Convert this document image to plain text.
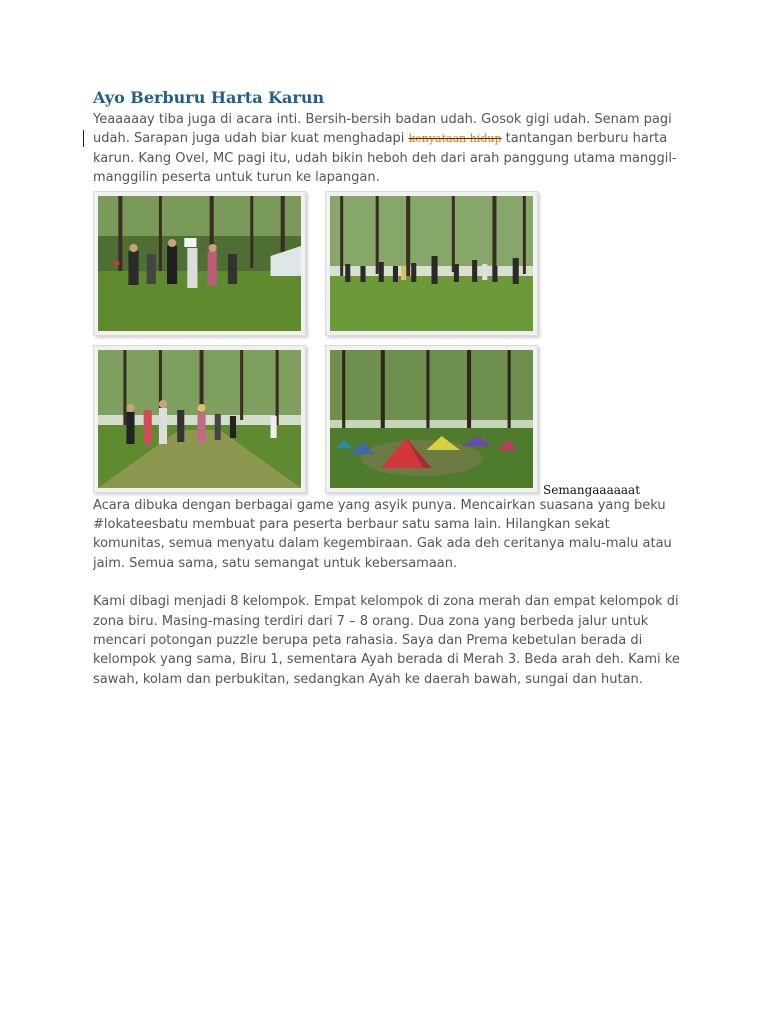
Ayo Berburu Harta Karun

Yeaaaaay tiba juga di acara inti. Bersih-bersih badan udah. Gosok gigi udah. Senam pagi udah. Sarapan juga udah biar kuat menghadapi kenyataan hidup tantangan berburu harta karun. Kang Ovel, MC pagi itu, udah bikin heboh deh dari arah panggung utama manggil-manggilin peserta untuk turun ke lapangan.

Semangaaaaaat

Acara dibuka dengan berbagai game yang asyik punya. Mencairkan suasana yang beku #lokateesbatu membuat para peserta berbaur satu sama lain. Hilangkan sekat komunitas, semua menyatu dalam kegembiraan. Gak ada deh ceritanya malu-malu atau jaim. Semua sama, satu semangat untuk kebersamaan.

Kami dibagi menjadi 8 kelompok. Empat kelompok di zona merah dan empat kelompok di zona biru. Masing-masing terdiri dari 7 – 8 orang. Dua zona yang berbeda jalur untuk mencari potongan puzzle berupa peta rahasia. Saya dan Prema kebetulan berada di kelompok yang sama, Biru 1, sementara Ayah berada di Merah 3. Beda arah deh. Kami ke sawah, kolam dan perbukitan, sedangkan Ayah ke daerah bawah, sungai dan hutan.
